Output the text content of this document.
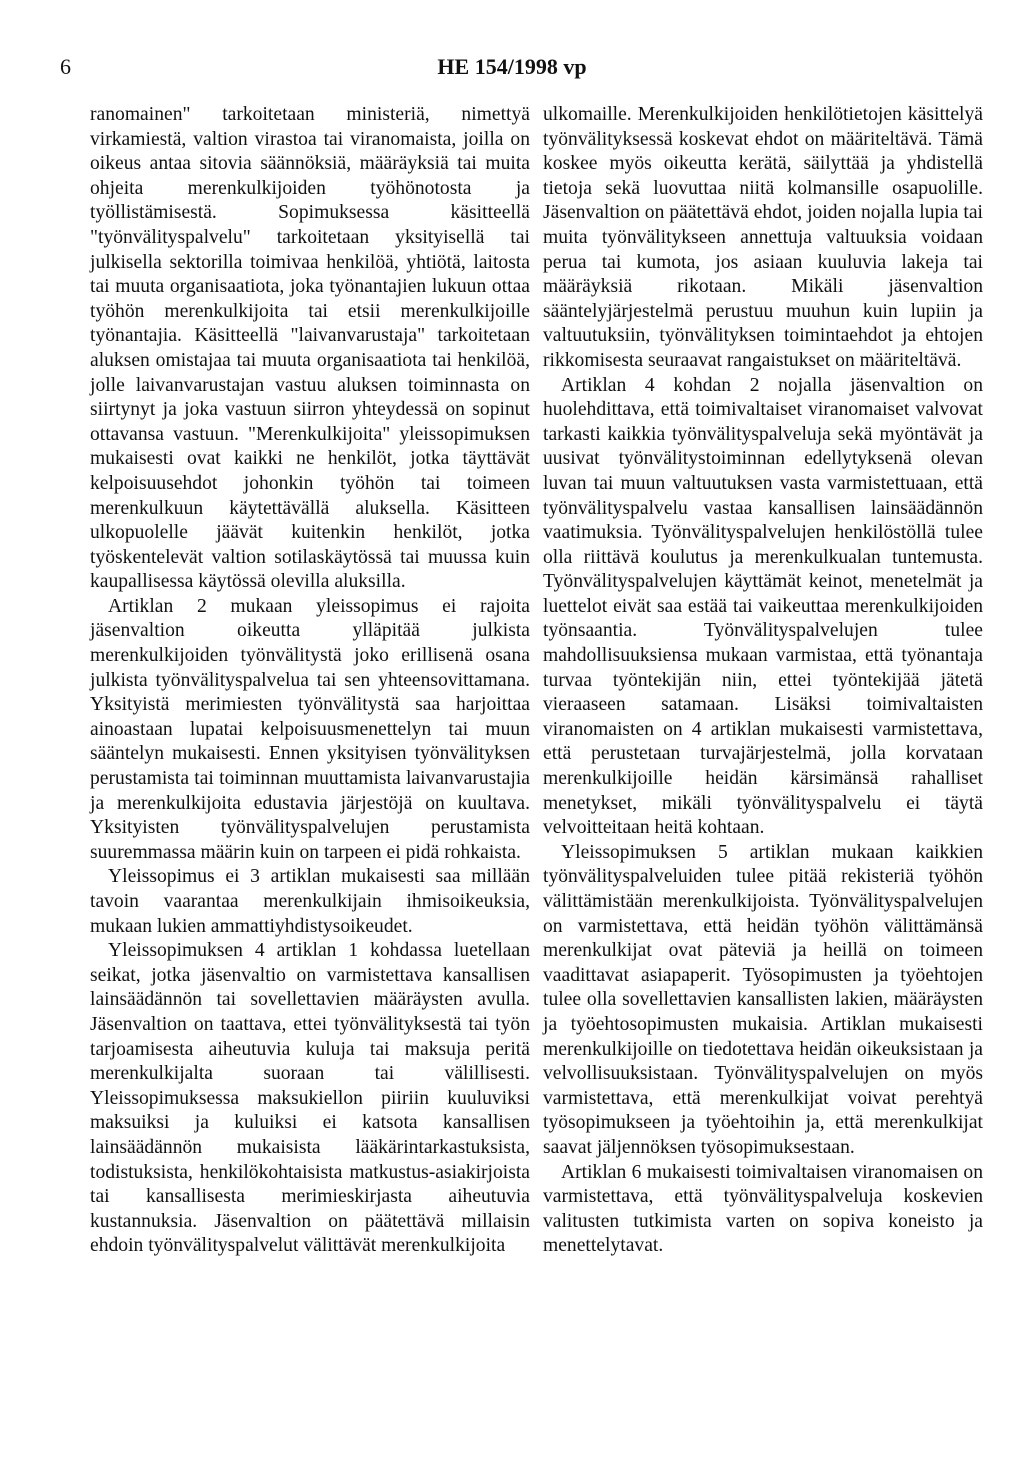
6	HE 154/1998 vp

ranomainen" tarkoitetaan ministeriä, nimettyä virkamiestä, valtion virastoa tai viranomaista, joilla on oikeus antaa sitovia säännöksiä, määräyksiä tai muita ohjeita merenkulkijoiden työhönotosta ja työllistämisestä. Sopimuksessa käsitteellä "työnvälityspalvelu" tarkoitetaan yksityisellä tai julkisella sektorilla toimivaa henkilöä, yhtiötä, laitosta tai muuta organisaatiota, joka työnantajien lukuun ottaa työhön merenkulkijoita tai etsii merenkulkijoille työnantajia. Käsitteellä "laivanvarustaja" tarkoitetaan aluksen omistajaa tai muuta organisaatiota tai henkilöä, jolle laivanvarustajan vastuu aluksen toiminnasta on siirtynyt ja joka vastuun siirron yhteydessä on sopinut ottavansa vastuun. "Merenkulkijoita" yleissopimuksen mukaisesti ovat kaikki ne henkilöt, jotka täyttävät kelpoisuusehdot johonkin työhön tai toimeen merenkulkuun käytettävällä aluksella. Käsitteen ulkopuolelle jäävät kuitenkin henkilöt, jotka työskentelevät valtion sotilaskäytössä tai muussa kuin kaupallisessa käytössä olevilla aluksilla.

Artiklan 2 mukaan yleissopimus ei rajoita jäsenvaltion oikeutta ylläpitää julkista merenkulkijoiden työnvälitystä joko erillisenä osana julkista työnvälityspalvelua tai sen yhteensovittamana. Yksityistä merimiesten työnvälitystä saa harjoittaa ainoastaan lupatai kelpoisuusmenettelyn tai muun sääntelyn mukaisesti. Ennen yksityisen työnvälityksen perustamista tai toiminnan muuttamista laivanvarustajia ja merenkulkijoita edustavia järjestöjä on kuultava. Yksityisten työnvälityspalvelujen perustamista suuremmassa määrin kuin on tarpeen ei pidä rohkaista.

Yleissopimus ei 3 artiklan mukaisesti saa millään tavoin vaarantaa merenkulkijain ihmisoikeuksia, mukaan lukien ammattiyhdistysoikeudet.

Yleissopimuksen 4 artiklan 1 kohdassa luetellaan seikat, jotka jäsenvaltio on varmistettava kansallisen lainsäädännön tai sovellettavien määräysten avulla. Jäsenvaltion on taattava, ettei työnvälityksestä tai työn tarjoamisesta aiheutuvia kuluja tai maksuja peritä merenkulkijalta suoraan tai välillisesti. Yleissopimuksessa maksukiellon piiriin kuuluviksi maksuiksi ja kuluiksi ei katsota kansallisen lainsäädännön mukaisista lääkärintarkastuksista, todistuksista, henkilökohtaisista matkustus-asiakirjoista tai kansallisesta merimieskirjasta aiheutuvia kustannuksia. Jäsenvaltion on päätettävä millaisin ehdoin työnvälityspalvelut välittävät merenkulkijoita

ulkomaille. Merenkulkijoiden henkilötietojen käsittelyä työnvälityksessä koskevat ehdot on määriteltävä. Tämä koskee myös oikeutta kerätä, säilyttää ja yhdistellä tietoja sekä luovuttaa niitä kolmansille osapuolille. Jäsenvaltion on päätettävä ehdot, joiden nojalla lupia tai muita työnvälitykseen annettuja valtuuksia voidaan perua tai kumota, jos asiaan kuuluvia lakeja tai määräyksiä rikotaan. Mikäli jäsenvaltion sääntelyjärjestelmä perustuu muuhun kuin lupiin ja valtuutuksiin, työnvälityksen toimintaehdot ja ehtojen rikkomisesta seuraavat rangaistukset on määriteltävä.

Artiklan 4 kohdan 2 nojalla jäsenvaltion on huolehdittava, että toimivaltaiset viranomaiset valvovat tarkasti kaikkia työnvälityspalveluja sekä myöntävät ja uusivat työnvälitystoiminnan edellytyksenä olevan luvan tai muun valtuutuksen vasta varmistettuaan, että työnvälityspalvelu vastaa kansallisen lainsäädännön vaatimuksia. Työnvälityspalvelujen henkilöstöllä tulee olla riittävä koulutus ja merenkulkualan tuntemusta. Työnvälityspalvelujen käyttämät keinot, menetelmät ja luettelot eivät saa estää tai vaikeuttaa merenkulkijoiden työnsaantia. Työnvälityspalvelujen tulee mahdollisuuksiensa mukaan varmistaa, että työnantaja turvaa työntekijän niin, ettei työntekijää jätetä vieraaseen satamaan. Lisäksi toimivaltaisten viranomaisten on 4 artiklan mukaisesti varmistettava, että perustetaan turvajärjestelmä, jolla korvataan merenkulkijoille heidän kärsimänsä rahalliset menetykset, mikäli työnvälityspalvelu ei täytä velvoitteitaan heitä kohtaan.

Yleissopimuksen 5 artiklan mukaan kaikkien työnvälityspalveluiden tulee pitää rekisteriä työhön välittämistään merenkulkijoista. Työnvälityspalvelujen on varmistettava, että heidän työhön välittämänsä merenkulkijat ovat päteviä ja heillä on toimeen vaadittavat asiapaperit. Työsopimusten ja työehtojen tulee olla sovellettavien kansallisten lakien, määräysten ja työehtosopimusten mukaisia. Artiklan mukaisesti merenkulkijoille on tiedotettava heidän oikeuksistaan ja velvollisuuksistaan. Työnvälityspalvelujen on myös varmistettava, että merenkulkijat voivat perehtyä työsopimukseen ja työehtoihin ja, että merenkulkijat saavat jäljennöksen työsopimuksestaan.

Artiklan 6 mukaisesti toimivaltaisen viranomaisen on varmistettava, että työnvälityspalveluja koskevien valitusten tutkimista varten on sopiva koneisto ja menettelytavat.
